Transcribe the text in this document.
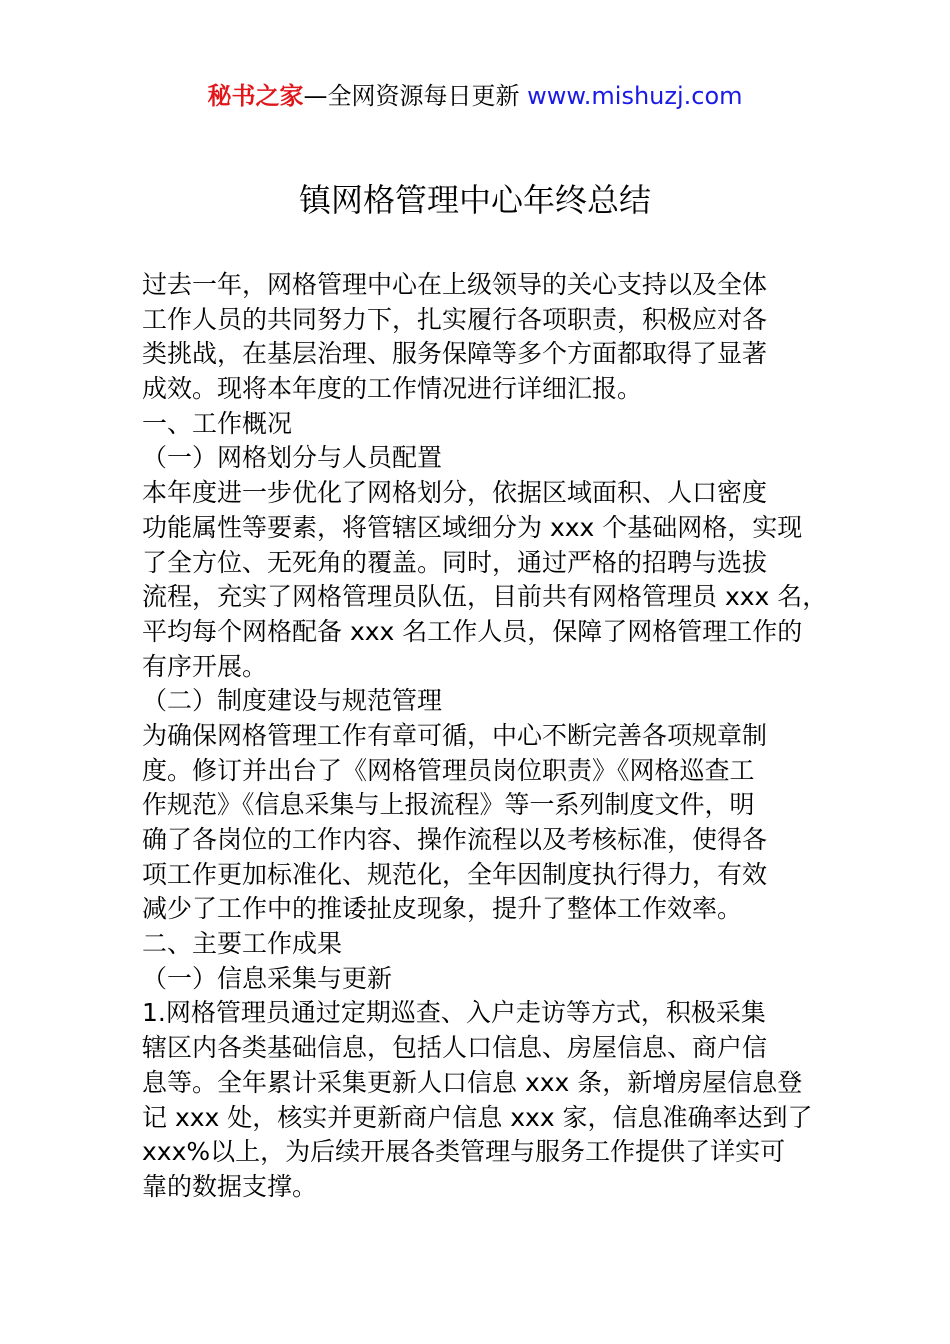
秘书之家—全网资源每日更新 www.mishuzj.com
镇网格管理中心年终总结
过去一年，网格管理中心在上级领导的关心支持以及全体
工作人员的共同努力下，扎实履行各项职责，积极应对各
类挑战，在基层治理、服务保障等多个方面都取得了显著
成效。现将本年度的工作情况进行详细汇报。
一、工作概况
（一）网格划分与人员配置
本年度进一步优化了网格划分，依据区域面积、人口密度
功能属性等要素，将管辖区域细分为 xxx 个基础网格，实现
了全方位、无死角的覆盖。同时，通过严格的招聘与选拔
流程，充实了网格管理员队伍，目前共有网格管理员 xxx 名，
平均每个网格配备 xxx 名工作人员，保障了网格管理工作的
有序开展。
（二）制度建设与规范管理
为确保网格管理工作有章可循，中心不断完善各项规章制
度。修订并出台了《网格管理员岗位职责》《网格巡查工
作规范》《信息采集与上报流程》等一系列制度文件，明
确了各岗位的工作内容、操作流程以及考核标准，使得各
项工作更加标准化、规范化，全年因制度执行得力，有效
减少了工作中的推诿扯皮现象，提升了整体工作效率。
二、主要工作成果
（一）信息采集与更新
1.网格管理员通过定期巡查、入户走访等方式，积极采集
辖区内各类基础信息，包括人口信息、房屋信息、商户信
息等。全年累计采集更新人口信息 xxx 条，新增房屋信息登
记 xxx 处，核实并更新商户信息 xxx 家，信息准确率达到了
xxx%以上，为后续开展各类管理与服务工作提供了详实可
靠的数据支撑。
